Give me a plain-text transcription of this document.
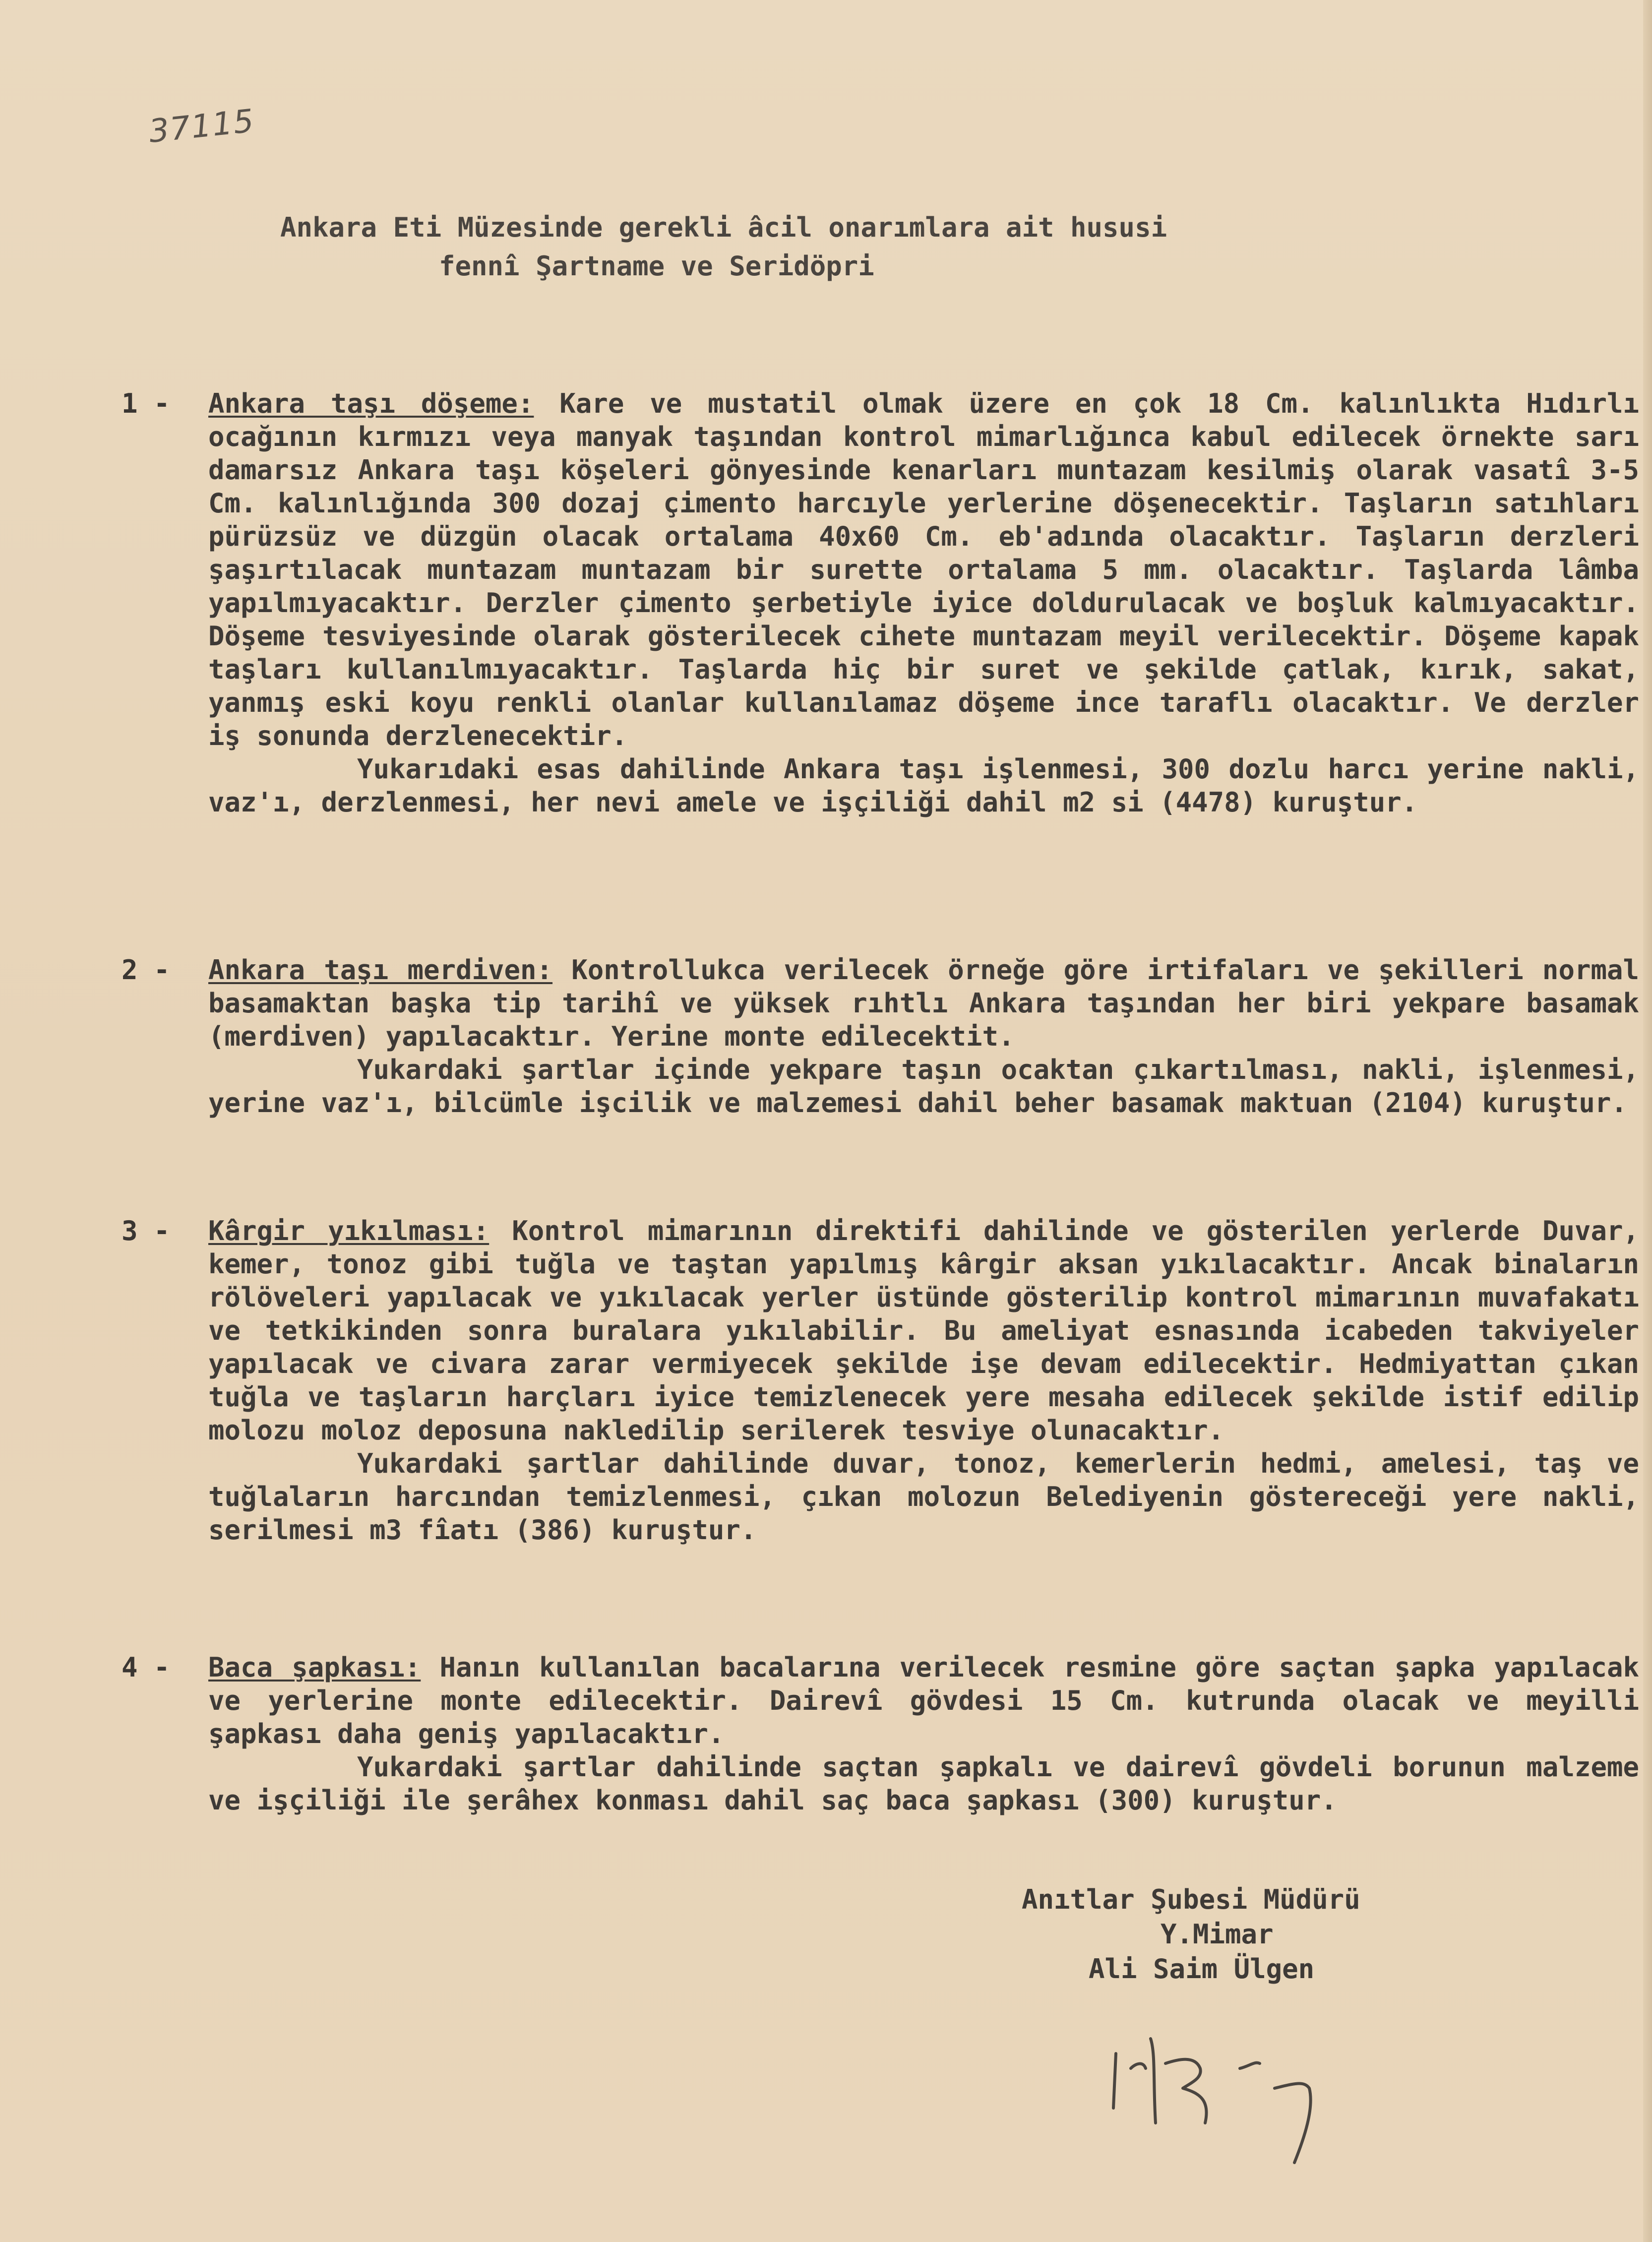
37115
Ankara Eti Müzesinde gerekli âcil onarımlara ait hususi
fennî Şartname ve Seridöpri
1 - Ankara taşı döşeme: Kare ve mustatil olmak üzere en çok 18 Cm. kalınlıkta Hıdırlı ocağının kırmızı veya manyak taşından kontrol mimarlığınca kabul edilecek örnekte sarı damarsız Ankara taşı köşeleri gönyesinde kenarları muntazam kesilmiş olarak vasatî 3-5 Cm. kalınlığında 300 dozaj çimento harcıyle yerlerine döşenecektir. Taşların satıhları pürüzsüz ve düzgün olacak ortalama 40x60 Cm. eb'adında olacaktır. Taşların derzleri şaşırtılacak muntazam muntazam bir surette ortalama 5 mm. olacaktır. Taşlarda lâmba yapılmıyacaktır. Derzler çimento şerbetiyle iyice doldurulacak ve boşluk kalmıyacaktır. Döşeme tesviyesinde olarak gösterilecek cihete muntazam meyil verilecektir. Döşeme kapak taşları kullanılmıyacaktır. Taşlarda hiç bir suret ve şekilde çatlak, kırık, sakat, yanmış eski koyu renkli olanlar kullanılamaz döşeme ince taraflı olacaktır. Ve derzler iş sonunda derzlenecektir.
Yukarıdaki esas dahilinde Ankara taşı işlenmesi, 300 dozlu harcı yerine nakli, vaz'ı, derzlenmesi, her nevi amele ve işçiliği dahil m2 si (4478) kuruştur.
2 - Ankara taşı merdiven: Kontrollukca verilecek örneğe göre irtifaları ve şekilleri normal basamaktan başka tip tarihî ve yüksek rıhtlı Ankara taşından her biri yekpare basamak (merdiven) yapılacaktır. Yerine monte edilecektit.
Yukardaki şartlar içinde yekpare taşın ocaktan çıkartılması, nakli, işlenmesi, yerine vaz'ı, bilcümle işcilik ve malzemesi dahil beher basamak maktuan (2104) kuruştur.
3 - Kârgir yıkılması: Kontrol mimarının direktifi dahilinde ve gösterilen yerlerde Duvar, kemer, tonoz gibi tuğla ve taştan yapılmış kârgir aksan yıkılacaktır. Ancak binaların rölöveleri yapılacak ve yıkılacak yerler üstünde gösterilip kontrol mimarının muvafakatı ve tetkikinden sonra buralara yıkılabilir. Bu ameliyat esnasında icabeden takviyeler yapılacak ve civara zarar vermiyecek şekilde işe devam edilecektir. Hedmiyattan çıkan tuğla ve taşların harçları iyice temizlenecek yere mesaha edilecek şekilde istif edilip molozu moloz deposuna nakledilip serilerek tesviye olunacaktır.
Yukardaki şartlar dahilinde duvar, tonoz, kemerlerin hedmi, amelesi, taş ve tuğlaların harcından temizlenmesi, çıkan molozun Belediyenin göstereceği yere nakli, serilmesi m3 fîatı (386) kuruştur.
4 - Baca şapkası: Hanın kullanılan bacalarına verilecek resmine göre saçtan şapka yapılacak ve yerlerine monte edilecektir. Dairevî gövdesi 15 Cm. kutrunda olacak ve meyilli şapkası daha geniş yapılacaktır.
Yukardaki şartlar dahilinde saçtan şapkalı ve dairevî gövdeli borunun malzeme ve işçiliği ile şerâhex konması dahil saç baca şapkası (300) kuruştur.
Anıtlar Şubesi Müdürü
Y.Mimar
Ali Saim Ülgen
